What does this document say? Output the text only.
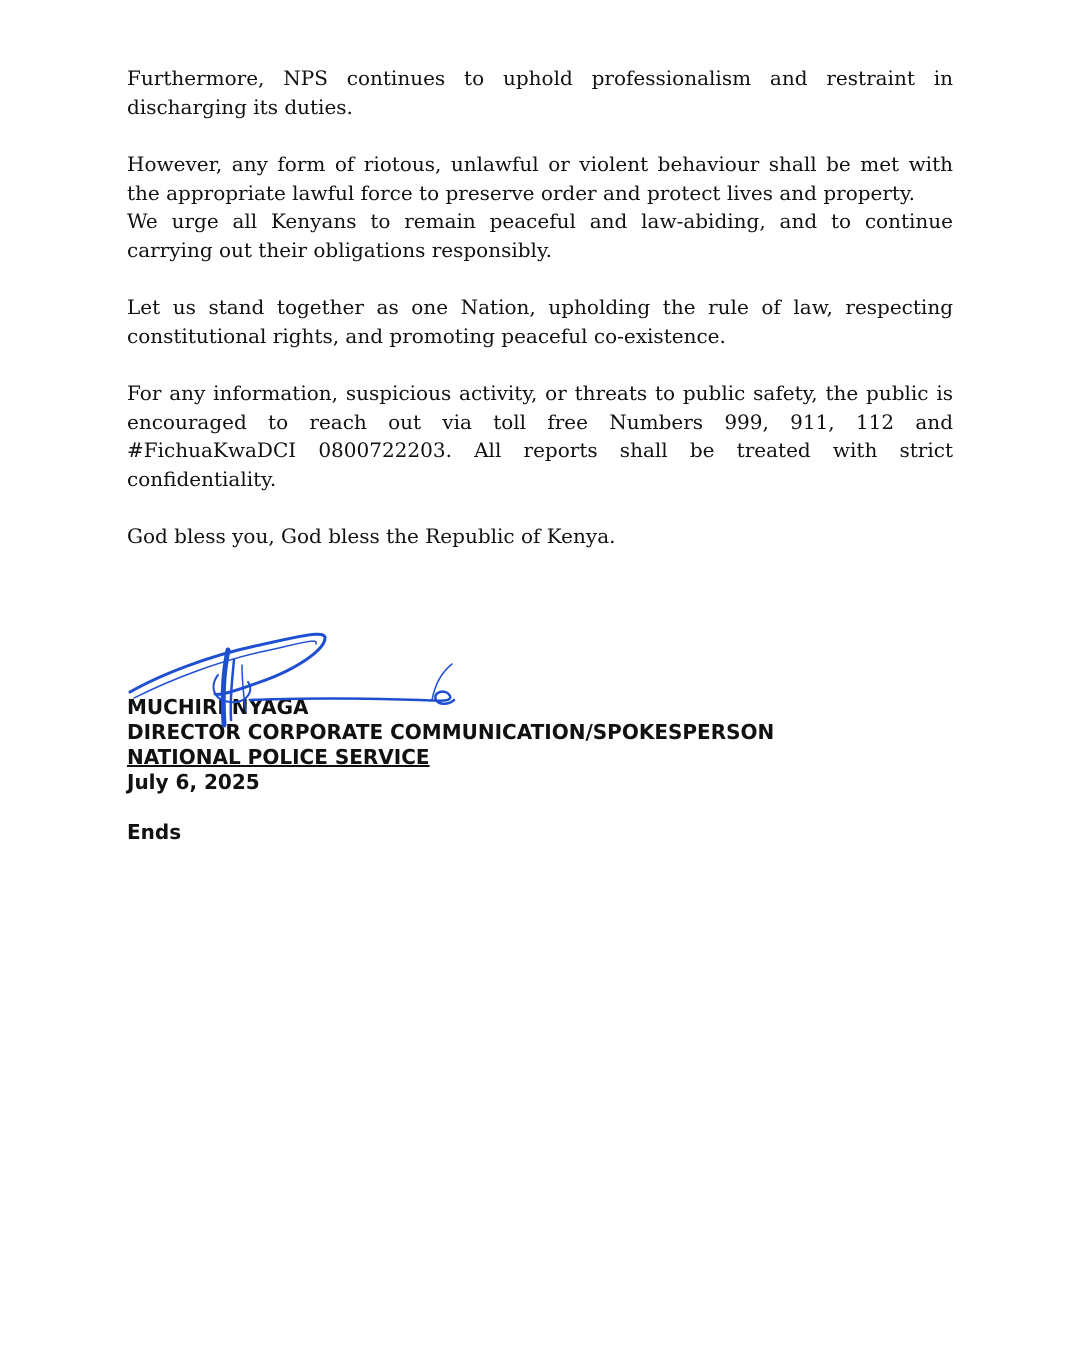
Furthermore, NPS continues to uphold professionalism and restraint in discharging its duties.

However, any form of riotous, unlawful or violent behaviour shall be met with the appropriate lawful force to preserve order and protect lives and property.

We urge all Kenyans to remain peaceful and law-abiding, and to continue carrying out their obligations responsibly.

Let us stand together as one Nation, upholding the rule of law, respecting constitutional rights, and promoting peaceful co-existence.

For any information, suspicious activity, or threats to public safety, the public is encouraged to reach out via toll free Numbers 999, 911, 112 and #FichuaKwaDCI 0800722203. All reports shall be treated with strict confidentiality.

God bless you, God bless the Republic of Kenya.

MUCHIRI NYAGA

DIRECTOR CORPORATE COMMUNICATION/SPOKESPERSON

NATIONAL POLICE SERVICE

July 6, 2025

Ends
